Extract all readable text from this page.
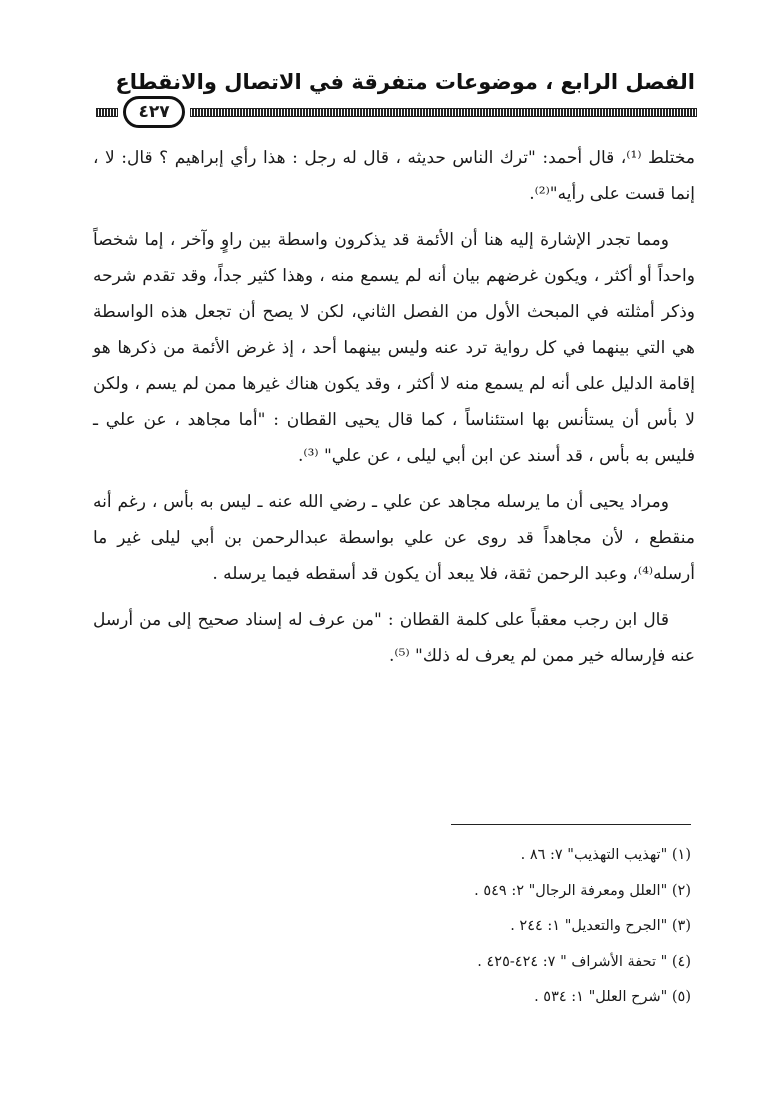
الفصل الرابع ، موضوعات متفرقة في الاتصال والانقطاع
٤٢٧

مختلط ⁽¹⁾، قال أحمد: "ترك الناس حديثه ، قال له رجل : هذا رأي إبراهيم ؟ قال: لا ، إنما قست على رأيه"⁽²⁾.

ومما تجدر الإشارة إليه هنا أن الأئمة قد يذكرون واسطة بين راوٍ وآخر ، إما شخصاً واحداً أو أكثر ، ويكون غرضهم بيان أنه لم يسمع منه ، وهذا كثير جداً، وقد تقدم شرحه وذكر أمثلته في المبحث الأول من الفصل الثاني، لكن لا يصح أن تجعل هذه الواسطة هي التي بينهما في كل رواية ترد عنه وليس بينهما أحد ، إذ غرض الأئمة من ذكرها هو إقامة الدليل على أنه لم يسمع منه لا أكثر ، وقد يكون هناك غيرها ممن لم يسم ، ولكن لا بأس أن يستأنس بها استئناساً ، كما قال يحيى القطان : "أما مجاهد ، عن علي ـ فليس به بأس ، قد أسند عن ابن أبي ليلى ، عن علي" ⁽³⁾.

ومراد يحيى أن ما يرسله مجاهد عن علي ـ رضي الله عنه ـ ليس به بأس ، رغم أنه منقطع ، لأن مجاهداً قد روى عن علي بواسطة عبدالرحمن بن أبي ليلى غير ما أرسله⁽⁴⁾، وعبد الرحمن ثقة، فلا يبعد أن يكون قد أسقطه فيما يرسله .

قال ابن رجب معقباً على كلمة القطان : "من عرف له إسناد صحيح إلى من أرسل عنه فإرساله خير ممن لم يعرف له ذلك" ⁽⁵⁾.

(١) "تهذيب التهذيب" ٧: ٨٦ .
(٢) "العلل ومعرفة الرجال" ٢: ٥٤٩ .
(٣) "الجرح والتعديل" ١: ٢٤٤ .
(٤) " تحفة الأشراف " ٧: ٤٢٤-٤٢٥ .
(٥) "شرح العلل" ١: ٥٣٤ .
